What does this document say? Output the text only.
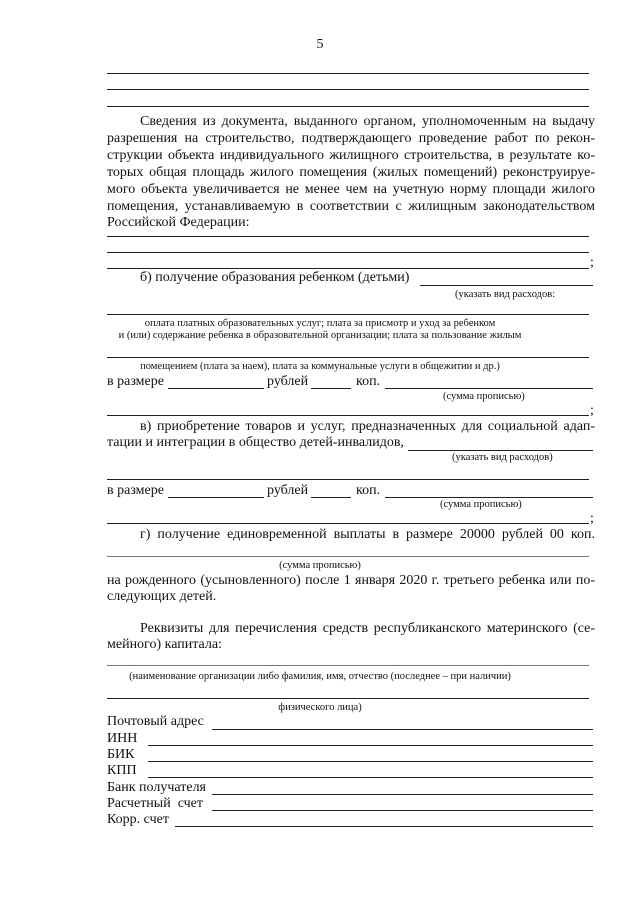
5
Сведения из документа, выданного органом, уполномоченным на выдачу
разрешения на строительство, подтверждающего проведение работ по рекон-
струкции объекта индивидуального жилищного строительства, в результате ко-
торых общая площадь жилого помещения (жилых помещений) реконструируе-
мого объекта увеличивается не менее чем на учетную норму площади жилого
помещения, устанавливаемую в соответствии с жилищным законодательством
Российской Федерации:
;
б) получение образования ребенком (детьми)
(указать вид расходов:
оплата платных образовательных услуг; плата за присмотр и уход за ребенком
и (или) содержание ребенка в образовательной организации; плата за пользование жилым
помещением (плата за наем), плата за коммунальные услуги в общежитии и др.)
в размере	рублей	коп.
(сумма прописью)
;
в) приобретение товаров и услуг, предназначенных для социальной адап-
тации и интеграции в общество детей-инвалидов,
(указать вид расходов)
в размере	рублей	коп.
(сумма прописью)
;
г) получение единовременной выплаты в размере 20000 рублей 00 коп.
(сумма прописью)
на рожденного (усыновленного) после 1 января 2020 г. третьего ребенка или по-
следующих детей.
Реквизиты для перечисления средств республиканского материнского (се-
мейного) капитала:
(наименование организации либо фамилия, имя, отчество (последнее – при наличии)
физического лица)
Почтовый адрес
ИНН
БИК
КПП
Банк получателя
Расчетный  счет
Корр. счет
